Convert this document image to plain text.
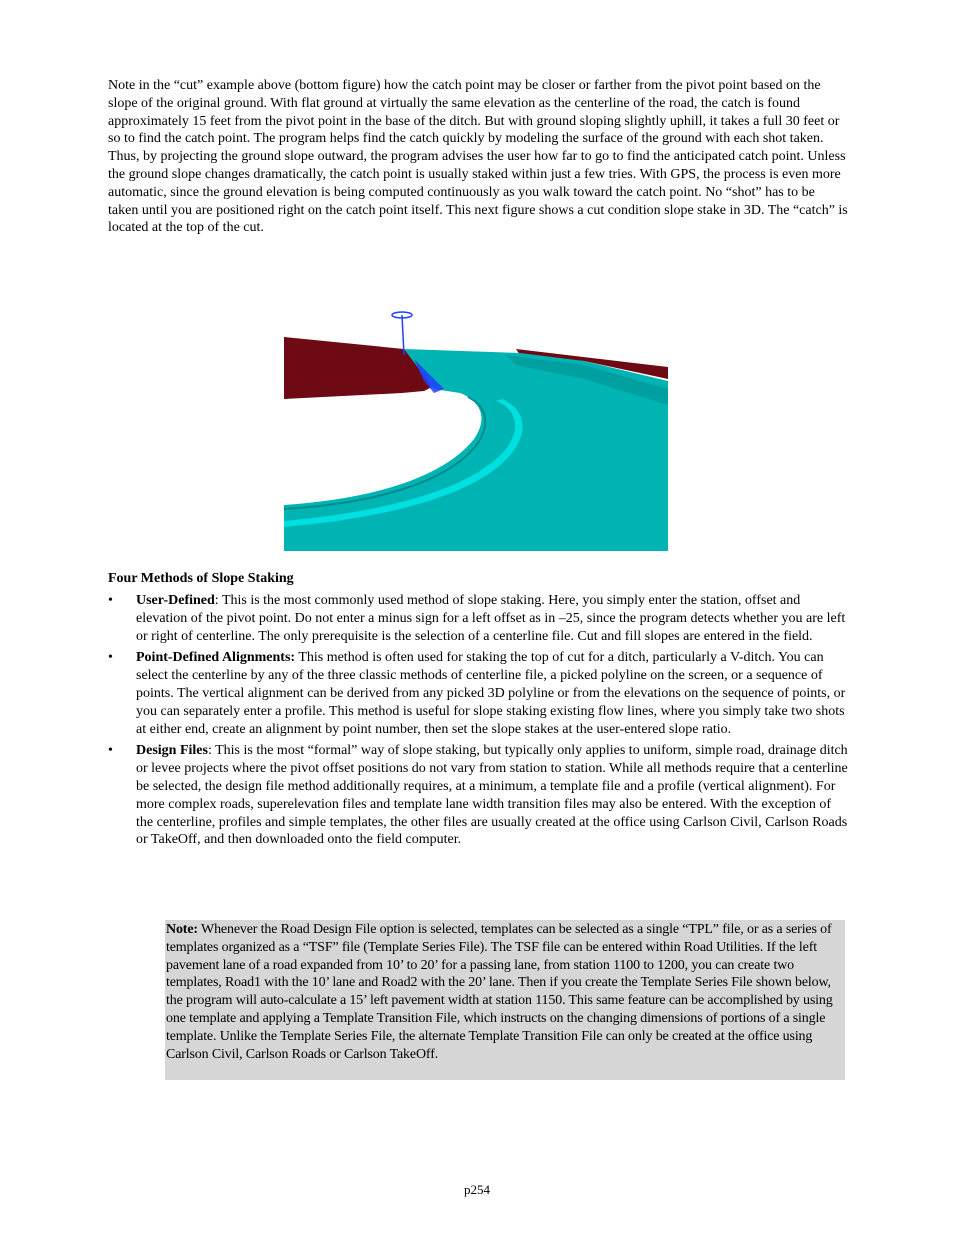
Note in the “cut” example above (bottom figure) how the catch point may be closer or farther from the pivot point based on the slope of the original ground. With flat ground at virtually the same elevation as the centerline of the road, the catch is found approximately 15 feet from the pivot point in the base of the ditch. But with ground sloping slightly uphill, it takes a full 30 feet or so to find the catch point. The program helps find the catch quickly by modeling the surface of the ground with each shot taken. Thus, by projecting the ground slope outward, the program advises the user how far to go to find the anticipated catch point. Unless the ground slope changes dramatically, the catch point is usually staked within just a few tries. With GPS, the process is even more automatic, since the ground elevation is being computed continuously as you walk toward the catch point. No “shot” has to be taken until you are positioned right on the catch point itself. This next figure shows a cut condition slope stake in 3D. The “catch” is located at the top of the cut.

Four Methods of Slope Staking

• User-Defined: This is the most commonly used method of slope staking. Here, you simply enter the station, offset and elevation of the pivot point. Do not enter a minus sign for a left offset as in –25, since the program detects whether you are left or right of centerline. The only prerequisite is the selection of a centerline file. Cut and fill slopes are entered in the field.
• Point-Defined Alignments: This method is often used for staking the top of cut for a ditch, particularly a V-ditch. You can select the centerline by any of the three classic methods of centerline file, a picked polyline on the screen, or a sequence of points. The vertical alignment can be derived from any picked 3D polyline or from the elevations on the sequence of points, or you can separately enter a profile. This method is useful for slope staking existing flow lines, where you simply take two shots at either end, create an alignment by point number, then set the slope stakes at the user-entered slope ratio.
• Design Files: This is the most “formal” way of slope staking, but typically only applies to uniform, simple road, drainage ditch or levee projects where the pivot offset positions do not vary from station to station. While all methods require that a centerline be selected, the design file method additionally requires, at a minimum, a template file and a profile (vertical alignment). For more complex roads, superelevation files and template lane width transition files may also be entered. With the exception of the centerline, profiles and simple templates, the other files are usually created at the office using Carlson Civil, Carlson Roads or TakeOff, and then downloaded onto the field computer.

Note: Whenever the Road Design File option is selected, templates can be selected as a single “TPL” file, or as a series of templates organized as a “TSF” file (Template Series File). The TSF file can be entered within Road Utilities. If the left pavement lane of a road expanded from 10’ to 20’ for a passing lane, from station 1100 to 1200, you can create two templates, Road1 with the 10’ lane and Road2 with the 20’ lane. Then if you create the Template Series File shown below, the program will auto-calculate a 15’ left pavement width at station 1150. This same feature can be accomplished by using one template and applying a Template Transition File, which instructs on the changing dimensions of portions of a single template. Unlike the Template Series File, the alternate Template Transition File can only be created at the office using Carlson Civil, Carlson Roads or Carlson TakeOff.

p254
